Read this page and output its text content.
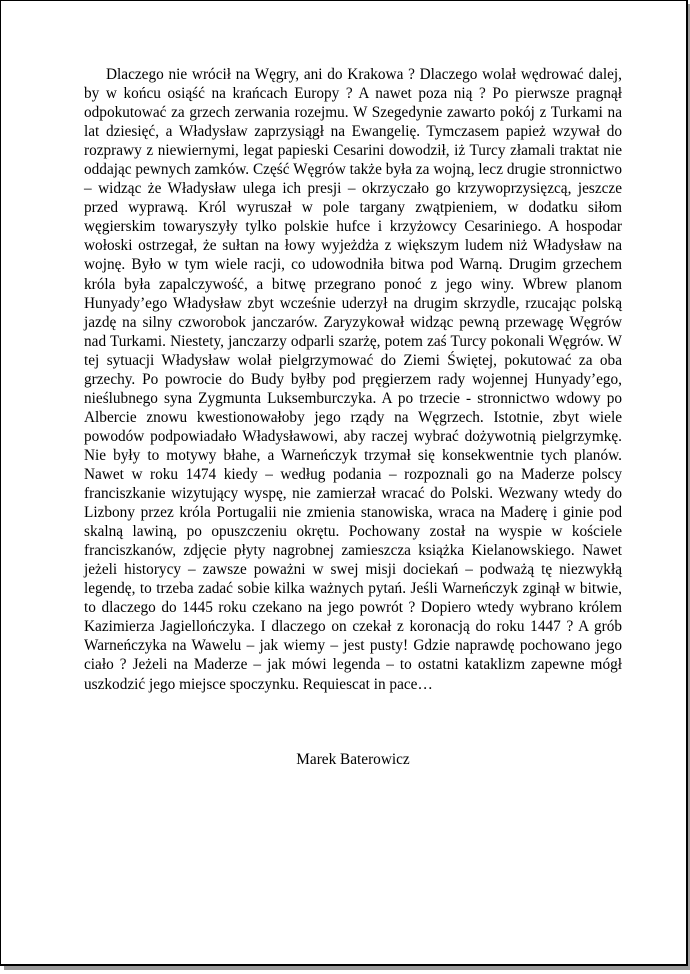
Dlaczego nie wrócił na Węgry, ani do Krakowa ? Dlaczego wolał wędrować dalej, by w końcu osiąść na krańcach Europy ? A nawet poza nią ? Po pierwsze pragnął odpokutować za grzech zerwania rozejmu. W Szegedynie zawarto pokój z Turkami na lat dziesięć, a Władysław zaprzysiągł na Ewangelię. Tymczasem papież wzywał do rozprawy z niewiernymi, legat papieski Cesarini dowodził, iż Turcy złamali traktat nie oddając pewnych zamków. Część Węgrów także była za wojną, lecz drugie stronnictwo – widząc że Władysław ulega ich presji – okrzyczało go krzywoprzysięzcą, jeszcze przed wyprawą. Król wyruszał w pole targany zwątpieniem, w dodatku siłom węgierskim towaryszyły tylko polskie hufce i krzyżowcy Cesariniego. A hospodar wołoski ostrzegał, że sułtan na łowy wyjeżdża z większym ludem niż Władysław na wojnę. Było w tym wiele racji, co udowodniła bitwa pod Warną. Drugim grzechem króla była zapalczywość, a bitwę przegrano ponoć z jego winy. Wbrew planom Hunyady’ego Władysław zbyt wcześnie uderzył na drugim skrzydle, rzucając polską jazdę na silny czworobok janczarów. Zaryzykował widząc pewną przewagę Węgrów nad Turkami. Niestety, janczarzy odparli szarżę, potem zaś Turcy pokonali Węgrów. W tej sytuacji Władysław wolał pielgrzymować do Ziemi Świętej, pokutować za oba grzechy. Po powrocie do Budy byłby pod pręgierzem rady wojennej Hunyady’ego, nieślubnego syna Zygmunta Luksemburczyka. A po trzecie - stronnictwo wdowy po Albercie znowu kwestionowałoby jego rządy na Węgrzech. Istotnie, zbyt wiele powodów podpowiadało Władysławowi, aby raczej wybrać dożywotnią pielgrzymkę. Nie były to motywy błahe, a Warneńczyk trzymał się konsekwentnie tych planów. Nawet w roku 1474 kiedy – według podania – rozpoznali go na Maderze polscy franciszkanie wizytujący wyspę, nie zamierzał wracać do Polski. Wezwany wtedy do Lizbony przez króla Portugalii nie zmienia stanowiska, wraca na Maderę i ginie pod skalną lawiną, po opuszczeniu okrętu. Pochowany został na wyspie w kościele franciszkanów, zdjęcie płyty nagrobnej zamieszcza książka Kielanowskiego. Nawet jeżeli historycy – zawsze poważni w swej misji dociekań – podważą tę niezwykłą legendę, to trzeba zadać sobie kilka ważnych pytań. Jeśli Warneńczyk zginął w bitwie, to dlaczego do 1445 roku czekano na jego powrót ? Dopiero wtedy wybrano królem Kazimierza Jagiellończyka. I dlaczego on czekał z koronacją do roku 1447 ? A grób Warneńczyka na Wawelu – jak wiemy – jest pusty! Gdzie naprawdę pochowano jego ciało ? Jeżeli na Maderze – jak mówi legenda – to ostatni kataklizm zapewne mógł uszkodzić jego miejsce spoczynku. Requiescat in pace…

Marek Baterowicz
